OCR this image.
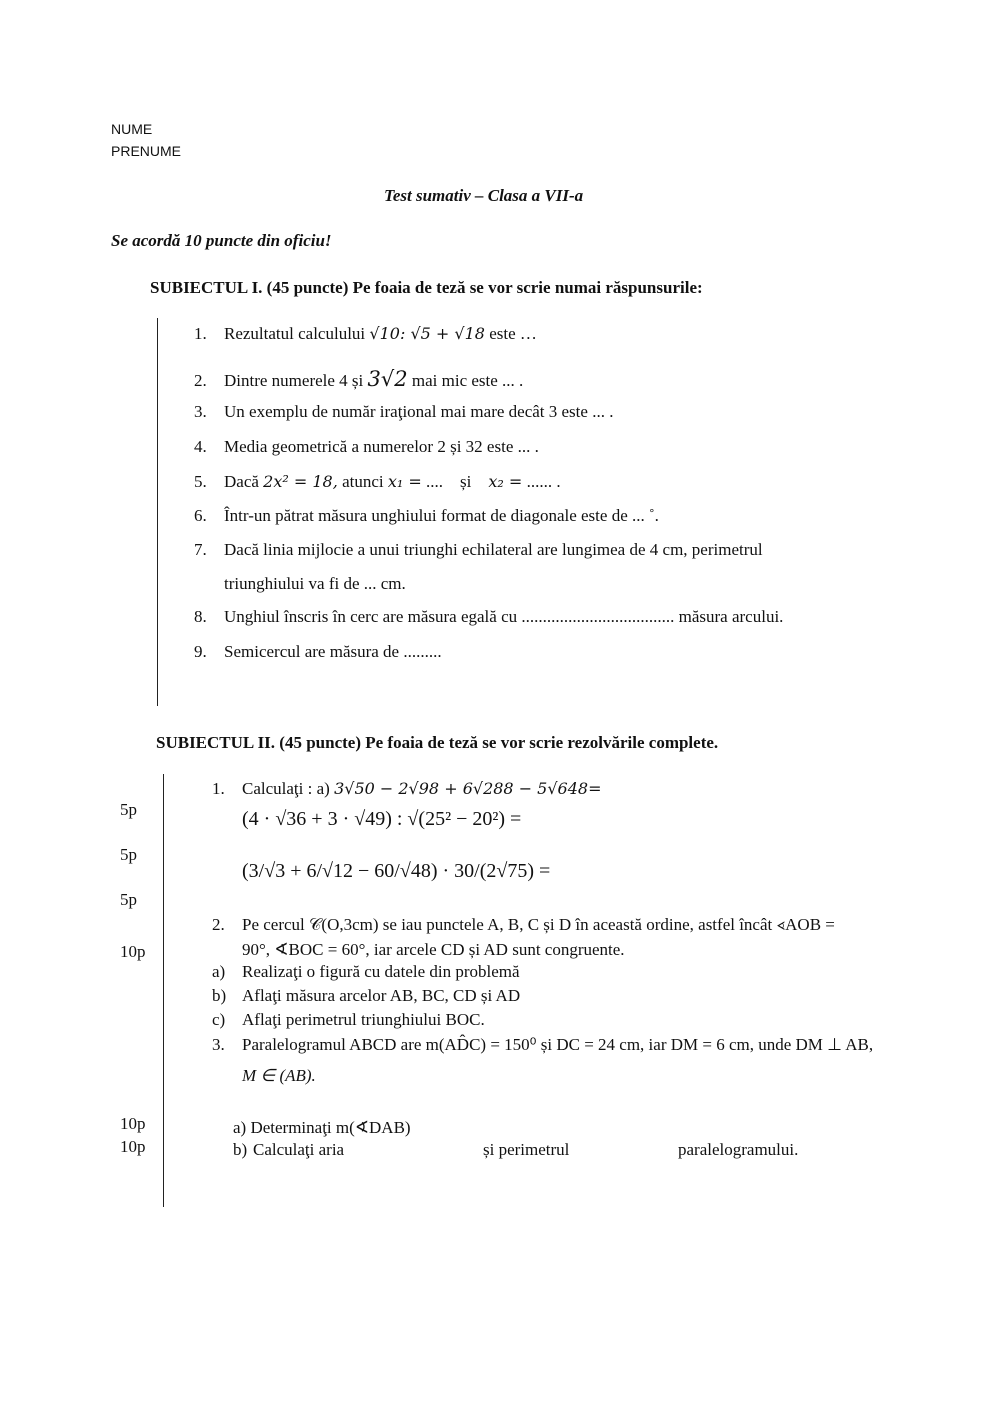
NUME
PRENUME
Test sumativ – Clasa a VII-a
Se acordă 10 puncte din oficiu!
SUBIECTUL I. (45 puncte) Pe foaia de teză se vor scrie numai răspunsurile:
1. Rezultatul calculului √10: √5 + √18 este …
2. Dintre numerele 4 și 3√2 mai mic este ... .
3. Un exemplu de număr iraţional mai mare decât 3 este ... .
4. Media geometrică a numerelor 2 și 32 este ... .
5. Dacă 2x² = 18, atunci x₁ = .... și x₂ = ...... .
6. Într-un pătrat măsura unghiului format de diagonale este de ... ˚.
7. Dacă linia mijlocie a unui triunghi echilateral are lungimea de 4 cm, perimetrul
triunghiului va fi de ... cm.
8. Unghiul înscris în cerc are măsura egală cu .................................... măsura arcului.
9. Semicercul are măsura de .........
SUBIECTUL II. (45 puncte) Pe foaia de teză se vor scrie rezolvările complete.
5p
5p
5p
10p
10p
10p
1. Calculaţi : a) 3√50 − 2√98 + 6√288 − 5√648=
(4 · √36 + 3 · √49) : √(25² − 20²) =
(3/√3 + 6/√12 − 60/√48) · 30/(2√75) =
2. Pe cercul 𝒞(O,3cm) se iau punctele A, B, C și D în această ordine, astfel încât ∢AOB =
90°, ∢BOC = 60°, iar arcele CD și AD sunt congruente.
a) Realizaţi o figură cu datele din problemă
b) Aflaţi măsura arcelor AB, BC, CD și AD
c) Aflaţi perimetrul triunghiului BOC.
3. Paralelogramul ABCD are m(AD̂C) = 150⁰ și DC = 24 cm, iar DM = 6 cm, unde DM ⊥ AB,
M ∈ (AB).
a) Determinaţi m(∢DAB)
b) Calculaţi aria	și perimetrul	paralelogramului.
